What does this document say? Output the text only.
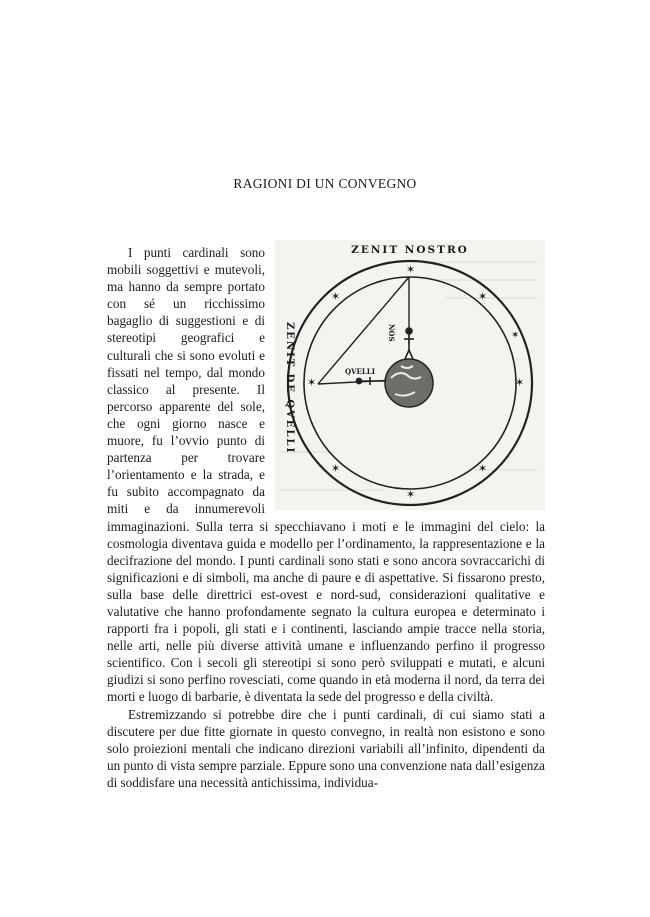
RAGIONI DI UN CONVEGNO
✶
✶	✶
✶
✶	✶
✶	✶
✶
ZENIT NOSTRO
ZENIT DE QVELLI	NOS
QVELLI

I punti cardinali sono mobili soggettivi e mutevoli, ma hanno da sempre portato con sé un ricchissimo bagaglio di suggestioni e di stereotipi geografici e culturali che si sono evoluti e fissati nel tempo, dal mondo classico al presente. Il percorso apparente del sole, che ogni giorno nasce e muore, fu l’ovvio punto di partenza per trovare l’orientamento e la strada, e fu subito accompagnato da miti e da innumerevoli immaginazioni. Sulla terra si specchiavano i moti e le immagini del cielo: la cosmologia diventava guida e modello per l’ordinamento, la rappresentazione e la decifrazione del mondo. I punti cardinali sono stati e sono ancora sovraccarichi di significazioni e di simboli, ma anche di paure e di aspettative. Si fissarono presto, sulla base delle direttrici est-ovest e nord-sud, considerazioni qualitative e valutative che hanno profondamente segnato la cultura europea e determinato i rapporti fra i popoli, gli stati e i continenti, lasciando ampie tracce nella storia, nelle arti, nelle più diverse attività umane e influenzando perfino il progresso scientifico. Con i secoli gli stereotipi si sono però sviluppati e mutati, e alcuni giudizi si sono perfino rovesciati, come quando in età moderna il nord, da terra dei morti e luogo di barbarie, è diventata la sede del progresso e della civiltà.

Estremizzando si potrebbe dire che i punti cardinali, di cui siamo stati a discutere per due fitte giornate in questo convegno, in realtà non esistono e sono solo proiezioni mentali che indicano direzioni variabili all’infinito, dipendenti da un punto di vista sempre parziale. Eppure sono una convenzione nata dall’esigenza di soddisfare una necessità antichissima, individua-
